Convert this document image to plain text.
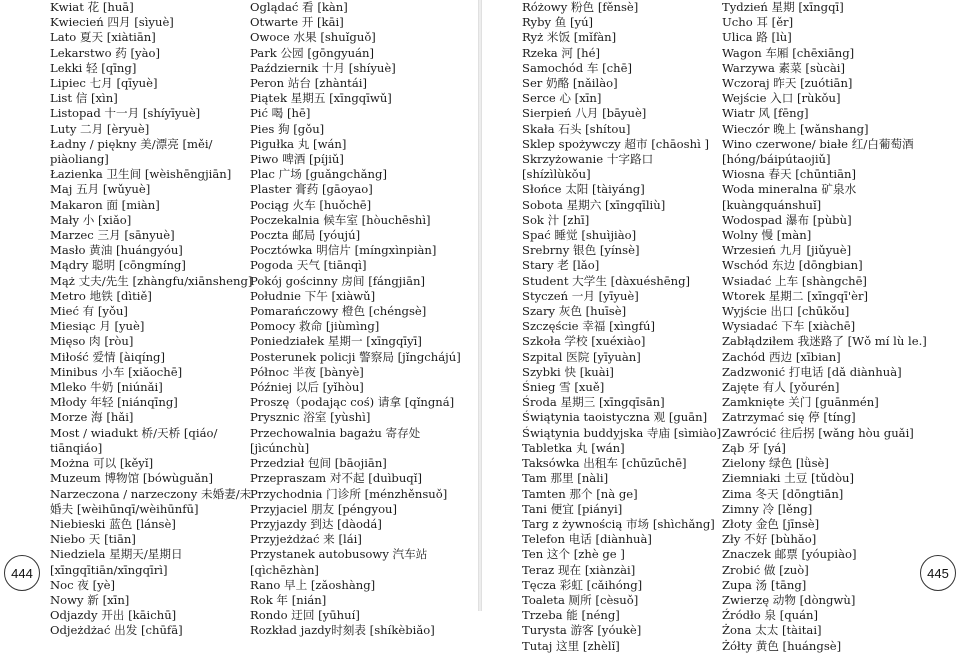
Kwiat 花 [huā]
Kwiecień 四月 [sìyuè]
Lato 夏天 [xiàtiān]
Lekarstwo 药 [yào]
Lekki 轻 [qīng]
Lipiec 七月 [qīyuè]
List 信 [xìn]
Listopad 十一月 [shíyīyuè]
Luty 二月 [èryuè]
Ładny / piękny 美/漂亮 [měi/
piàoliang]
Łazienka 卫生间 [wèishēngjiān]
Maj 五月 [wǔyuè]
Makaron 面 [miàn]
Mały 小 [xiǎo]
Marzec 三月 [sānyuè]
Masło 黄油 [huángyóu]
Mądry 聪明 [cōngmíng]
Mąż 丈夫/先生 [zhàngfu/xiānsheng]
Metro 地铁 [dìtiě]
Mieć 有 [yǒu]
Miesiąc 月 [yuè]
Mięso 肉 [ròu]
Miłość 爱情 [àiqíng]
Minibus 小车 [xiǎochē]
Mleko 牛奶 [niúnǎi]
Młody 年轻 [niánqīng]
Morze 海 [hǎi]
Most / wiadukt 桥/天桥 [qiáo/
tiānqiáo]
Można 可以 [kěyǐ]
Muzeum 博物馆 [bówùguǎn]
Narzeczona / narzeczony 未婚妻/未
婚夫 [wèihūnqī/wèihūnfū]
Niebieski 蓝色 [lánsè]
Niebo 天 [tiān]
Niedziela 星期天/星期日
[xīngqītiān/xīngqīrì]
Noc 夜 [yè]
Nowy 新 [xīn]
Odjazdy 开出 [kāichū]
Odjeżdżać 出发 [chūfā]
Oglądać 看 [kàn]
Otwarte 开 [kāi]
Owoce 水果 [shuǐguǒ]
Park 公园 [gōngyuán]
Październik 十月 [shíyuè]
Peron 站台 [zhàntái]
Piątek 星期五 [xīngqīwǔ]
Pić 喝 [hē]
Pies 狗 [gǒu]
Pigułka 丸 [wán]
Piwo 啤酒 [píjiǔ]
Plac 广场 [guǎngchǎng]
Plaster 膏药 [gāoyao]
Pociąg 火车 [huǒchē]
Poczekalnia 候车室 [hòuchēshì]
Poczta 邮局 [yóujú]
Pocztówka 明信片 [míngxìnpiàn]
Pogoda 天气 [tiānqì]
Pokój gościnny 房间 [fángjiān]
Południe 下午 [xiàwǔ]
Pomarańczowy 橙色 [chéngsè]
Pomocy 救命 [jiùmìng]
Poniedziałek 星期一 [xīngqīyī]
Posterunek policji 警察局 [jǐngchájú]
Północ 半夜 [bànyè]
Później 以后 [yǐhòu]
Proszę（podając coś) 请拿 [qǐngná]
Prysznic 浴室 [yùshì]
Przechowalnia bagażu 寄存处
[jìcúnchù]
Przedział 包间 [bāojiān]
Przepraszam 对不起 [duìbuqǐ]
Przychodnia 门诊所 [ménzhěnsuǒ]
Przyjaciel 朋友 [péngyou]
Przyjazdy 到达 [dàodá]
Przyjeżdżać 来 [lái]
Przystanek autobusowy 汽车站
[qìchēzhàn]
Rano 早上 [zǎoshàng]
Rok 年 [nián]
Rondo 迂回 [yūhuí]
Rozkład jazdy时刻表 [shíkèbiǎo]
444
Różowy 粉色 [fěnsè]
Ryby 鱼 [yú]
Ryż 米饭 [mǐfàn]
Rzeka 河 [hé]
Samochód 车 [chē]
Ser 奶酪 [nǎilào]
Serce 心 [xīn]
Sierpień 八月 [bāyuè]
Skała 石头 [shítou]
Sklep spożywczy 超市 [chāoshì ]
Skrzyżowanie 十字路口
[shízìlùkǒu]
Słońce 太阳 [tàiyáng]
Sobota 星期六 [xīngqīliù]
Sok 汁 [zhī]
Spać 睡觉 [shuìjiào]
Srebrny 银色 [yínsè]
Stary 老 [lǎo]
Student 大学生 [dàxuéshēng]
Styczeń 一月 [yīyuè]
Szary 灰色 [huīsè]
Szczęście 幸福 [xìngfú]
Szkoła 学校 [xuéxiào]
Szpital 医院 [yīyuàn]
Szybki 快 [kuài]
Śnieg 雪 [xuě]
Środa 星期三 [xīngqīsān]
Świątynia taoistyczna 观 [guān]
Świątynia buddyjska 寺庙 [sìmiào]
Tabletka 丸 [wán]
Taksówka 出租车 [chūzūchē]
Tam 那里 [nàli]
Tamten 那个 [nà ge]
Tani 便宜 [piányi]
Targ z żywnością 市场 [shìchǎng]
Telefon 电话 [diànhuà]
Ten 这个 [zhè ge ]
Teraz 现在 [xiànzài]
Tęcza 彩虹 [cǎihóng]
Toaleta 厕所 [cèsuǒ]
Trzeba 能 [néng]
Turysta 游客 [yóukè]
Tutaj 这里 [zhèlǐ]
Tydzień 星期 [xīngqī]
Ucho 耳 [ěr]
Ulica 路 [lù]
Wagon 车厢 [chēxiāng]
Warzywa 素菜 [sùcài]
Wczoraj 昨天 [zuótiān]
Wejście 入口 [rùkǒu]
Wiatr 风 [fēng]
Wieczór 晚上 [wǎnshang]
Wino czerwone/ białe 红/白葡萄酒
[hóng/báipútaojiǔ]
Wiosna 春天 [chūntiān]
Woda mineralna 矿泉水
[kuàngquánshuǐ]
Wodospad 瀑布 [pùbù]
Wolny 慢 [màn]
Wrzesień 九月 [jiǔyuè]
Wschód 东边 [dōngbian]
Wsiadać 上车 [shàngchē]
Wtorek 星期二 [xīngqī'èr]
Wyjście 出口 [chūkǒu]
Wysiadać 下车 [xiàchē]
Zabłądziłem 我迷路了 [Wǒ mí lù le.]
Zachód 西边 [xībian]
Zadzwonić 打电话 [dǎ diànhuà]
Zajęte 有人 [yǒurén]
Zamknięte 关门 [guānmén]
Zatrzymać się 停 [tíng]
Zawrócić 往后拐 [wǎng hòu guǎi]
Ząb 牙 [yá]
Zielony 绿色 [lǜsè]
Ziemniaki 土豆 [tǔdòu]
Zima 冬天 [dōngtiān]
Zimny 冷 [lěng]
Złoty 金色 [jīnsè]
Zły 不好 [bùhǎo]
Znaczek 邮票 [yóupiào]
Zrobić 做 [zuò]
Zupa 汤 [tāng]
Zwierzę 动物 [dòngwù]
Źródło 泉 [quán]
Żona 太太 [tàitai]
Żółty 黄色 [huángsè]
445
